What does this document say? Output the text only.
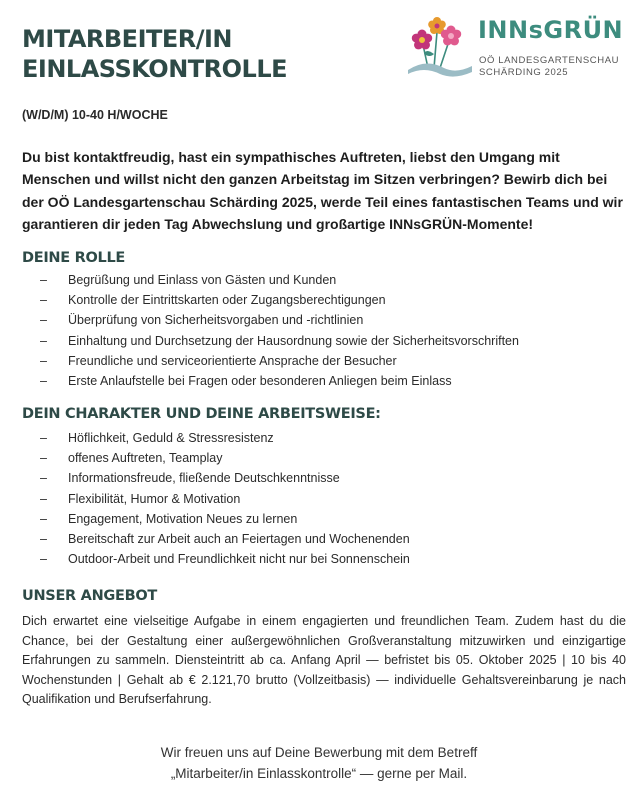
MITARBEITER/IN
EINLASSKONTROLLE
INNsGRÜN
OÖ LANDESGARTENSCHAU
SCHÄRDING 2025
(W/D/M) 10-40 H/WOCHE
Du bist kontaktfreudig, hast ein sympathisches Auftreten, liebst den Umgang mit Menschen und willst nicht den ganzen Arbeitstag im Sitzen verbringen? Bewirb dich bei der OÖ Landesgartenschau Schärding 2025, werde Teil eines fantastischen Teams und wir garantieren dir jeden Tag Abwechslung und großartige INNsGRÜN-Momente!
DEINE ROLLE
– Begrüßung und Einlass von Gästen und Kunden
– Kontrolle der Eintrittskarten oder Zugangsberechtigungen
– Überprüfung von Sicherheitsvorgaben und -richtlinien
– Einhaltung und Durchsetzung der Hausordnung sowie der Sicherheitsvorschriften
– Freundliche und serviceorientierte Ansprache der Besucher
– Erste Anlaufstelle bei Fragen oder besonderen Anliegen beim Einlass
DEIN CHARAKTER UND DEINE ARBEITSWEISE:
– Höflichkeit, Geduld & Stressresistenz
– offenes Auftreten, Teamplay
– Informationsfreude, fließende Deutschkenntnisse
– Flexibilität, Humor & Motivation
– Engagement, Motivation Neues zu lernen
– Bereitschaft zur Arbeit auch an Feiertagen und Wochenenden
– Outdoor-Arbeit und Freundlichkeit nicht nur bei Sonnenschein
UNSER ANGEBOT
Dich erwartet eine vielseitige Aufgabe in einem engagierten und freundlichen Team. Zudem hast du die Chance, bei der Gestaltung einer außergewöhnlichen Großveranstaltung mitzuwirken und einzigartige Erfahrungen zu sammeln. Diensteintritt ab ca. Anfang April — befristet bis 05. Oktober 2025 | 10 bis 40 Wochenstunden | Gehalt ab € 2.121,70 brutto (Vollzeitbasis) — individuelle Gehaltsvereinbarung je nach Qualifikation und Berufserfahrung.
Wir freuen uns auf Deine Bewerbung mit dem Betreff
„Mitarbeiter/in Einlasskontrolle“ — gerne per Mail.
